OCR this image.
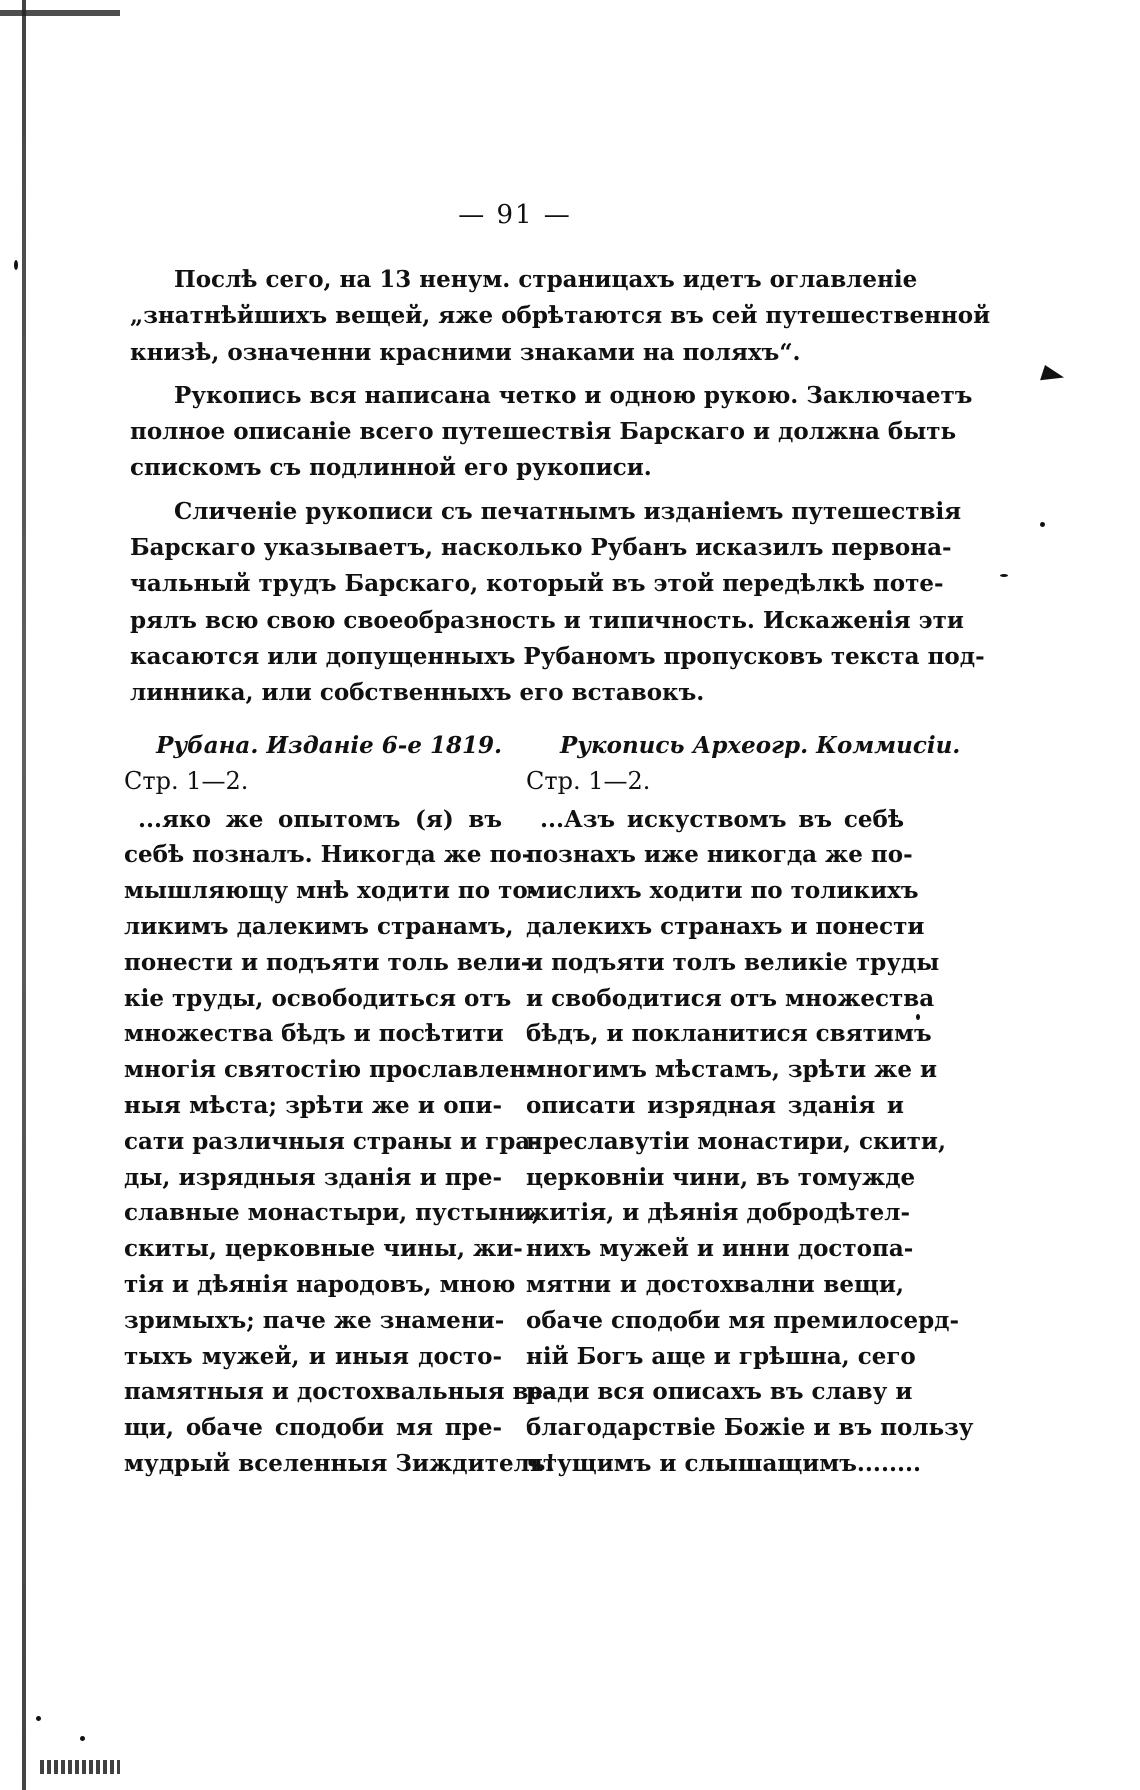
— 91 —

Послѣ сего, на 13 ненум. страницахъ идетъ оглавленіе
„знатнѣйшихъ вещей, яже обрѣтаются въ сей путешественной
книзѣ, означенни красними знаками на поляхъ“.

Рукопись вся написана четко и одною рукою. Заключаетъ
полное описаніе всего путешествія Барскаго и должна быть
спискомъ съ подлинной его рукописи.

Сличеніе рукописи съ печатнымъ изданіемъ путешествія
Барскаго указываетъ, насколько Рубанъ исказилъ первона-
чальный трудъ Барскаго, который въ этой передѣлкѣ поте-
рялъ всю свою своеобразность и типичность. Искаженія эти
касаются или допущенныхъ Рубаномъ пропусковъ текста под-
линника, или собственныхъ его вставокъ.

Рубана. Изданіе 6-е 1819.
Стр. 1—2.
...яко же опытомъ (я) въ
себѣ позналъ. Никогда же по-
мышляющу мнѣ ходити по то-
ликимъ далекимъ странамъ,
понести и подъяти толь вели-
кіе труды, освободиться отъ
множества бѣдъ и посѣтити
многія святостію прославлен-
ныя мѣста; зрѣти же и опи-
сати различныя страны и гра-
ды, изрядныя зданія и пре-
славные монастыри, пустыни,
скиты, церковные чины, жи-
тія и дѣянія народовъ, мною
зримыхъ; паче же знамени-
тыхъ мужей, и иныя досто-
памятныя и достохвальныя ве-
щи, обаче сподоби мя пре-
мудрый вселенныя Зиждитель!
Рукопись Археогр. Коммисіи.
Стр. 1—2.
...Азъ искуствомъ въ себѣ
познахъ иже никогда же по-
мислихъ ходити по толикихъ
далекихъ странахъ и понести
и подъяти толъ великіе труды
и свободитися отъ множества
бѣдъ, и покланитися святимъ
многимъ мѣстамъ, зрѣти же и
описати изрядная зданія и
преславутіи монастири, скити,
церковніи чини, въ томужде
житія, и дѣянія добродѣтел-
нихъ мужей и инни достопа-
мятни и достохвални вещи,
обаче сподоби мя премилосерд-
ній Богъ аще и грѣшна, сего
ради вся описахъ въ славу и
благодарствіе Божіе и въ пользу
чтущимъ и слышащимъ........
